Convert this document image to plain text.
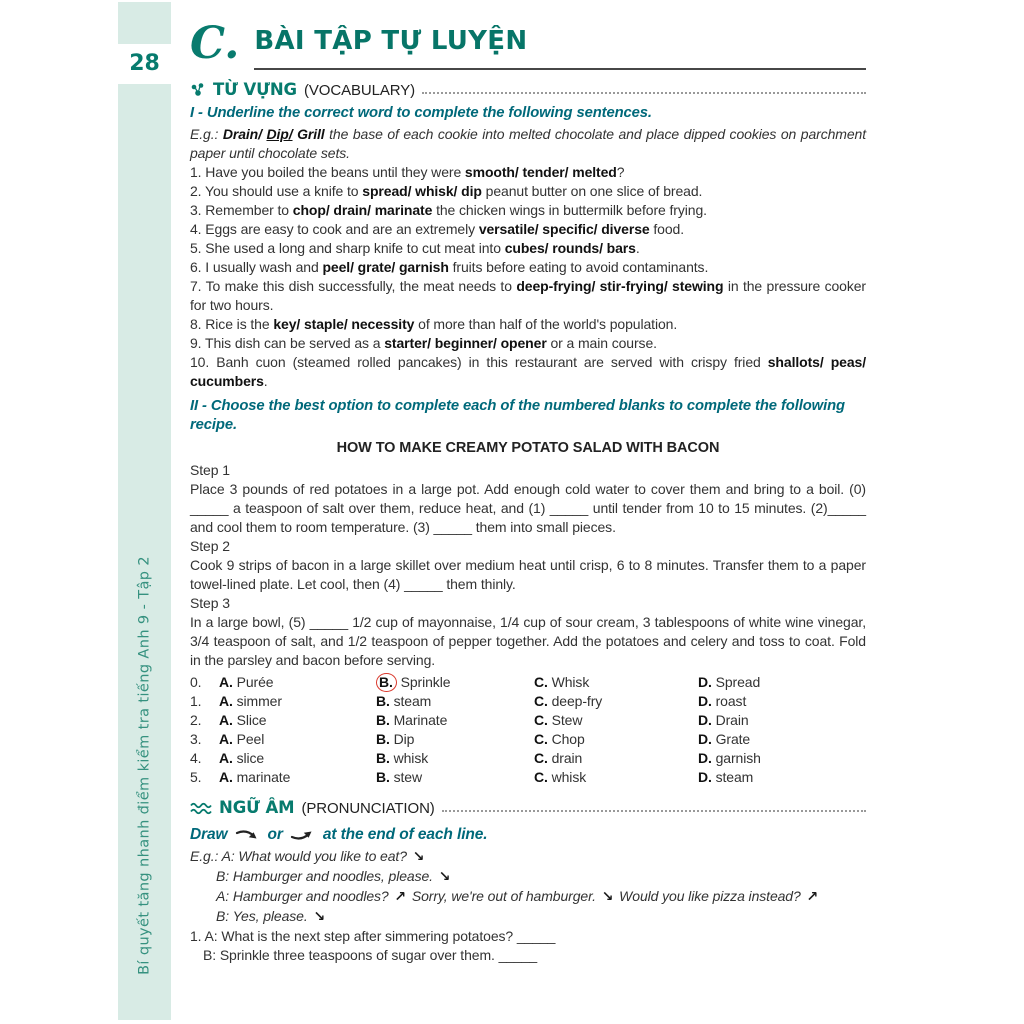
28
Bí quyết tăng nhanh điểm kiểm tra tiếng Anh 9 - Tập 2
C. BÀI TẬP TỰ LUYỆN
TỪ VỰNG (VOCABULARY)
I - Underline the correct word to complete the following sentences.
E.g.: Drain/ Dip/ Grill the base of each cookie into melted chocolate and place dipped cookies on parchment paper until chocolate sets.
1. Have you boiled the beans until they were smooth/ tender/ melted?
2. You should use a knife to spread/ whisk/ dip peanut butter on one slice of bread.
3. Remember to chop/ drain/ marinate the chicken wings in buttermilk before frying.
4. Eggs are easy to cook and are an extremely versatile/ specific/ diverse food.
5. She used a long and sharp knife to cut meat into cubes/ rounds/ bars.
6. I usually wash and peel/ grate/ garnish fruits before eating to avoid contaminants.
7. To make this dish successfully, the meat needs to deep-frying/ stir-frying/ stewing in the pressure cooker for two hours.
8. Rice is the key/ staple/ necessity of more than half of the world's population.
9. This dish can be served as a starter/ beginner/ opener or a main course.
10. Banh cuon (steamed rolled pancakes) in this restaurant are served with crispy fried shallots/ peas/ cucumbers.
II - Choose the best option to complete each of the numbered blanks to complete the following recipe.
HOW TO MAKE CREAMY POTATO SALAD WITH BACON
Step 1
Place 3 pounds of red potatoes in a large pot. Add enough cold water to cover them and bring to a boil. (0) _____ a teaspoon of salt over them, reduce heat, and (1) _____ until tender from 10 to 15 minutes. (2)_____ and cool them to room temperature. (3) _____ them into small pieces.
Step 2
Cook 9 strips of bacon in a large skillet over medium heat until crisp, 6 to 8 minutes. Transfer them to a paper towel-lined plate. Let cool, then (4) _____ them thinly.
Step 3
In a large bowl, (5) _____ 1/2 cup of mayonnaise, 1/4 cup of sour cream, 3 tablespoons of white wine vinegar, 3/4 teaspoon of salt, and 1/2 teaspoon of pepper together. Add the potatoes and celery and toss to coat. Fold in the parsley and bacon before serving.
0.	A. Purée	B. Sprinkle	C. Whisk	D. Spread
1.	A. simmer	B. steam	C. deep-fry	D. roast
2.	A. Slice	B. Marinate	C. Stew	D. Drain
3.	A. Peel	B. Dip	C. Chop	D. Grate
4.	A. slice	B. whisk	C. drain	D. garnish
5.	A. marinate	B. stew	C. whisk	D. steam
NGỮ ÂM (PRONUNCIATION)
Draw	or	at the end of each line.
E.g.: A: What would you like to eat? ↘
B: Hamburger and noodles, please. ↘
A: Hamburger and noodles? ↗ Sorry, we're out of hamburger. ↘ Would you like pizza instead? ↗
B: Yes, please. ↘
1. A: What is the next step after simmering potatoes? _____
B: Sprinkle three teaspoons of sugar over them. _____
